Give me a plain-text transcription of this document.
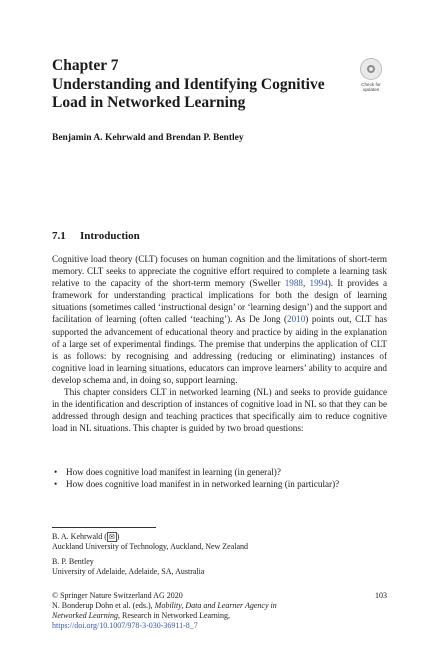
Chapter 7
Understanding and Identifying Cognitive Load in Networked Learning
Check for
updates
Benjamin A. Kehrwald and Brendan P. Bentley
7.1 Introduction

Cognitive load theory (CLT) focuses on human cognition and the limitations of short-term memory. CLT seeks to appreciate the cognitive effort required to complete a learning task relative to the capacity of the short-term memory (Sweller 1988, 1994). It provides a framework for understanding practical implications for both the design of learning situations (sometimes called ‘instructional design’ or ‘learning design’) and the support and facilitation of learning (often called ‘teaching’). As De Jong (2010) points out, CLT has supported the advancement of educational theory and practice by aiding in the explanation of a large set of experimental findings. The premise that underpins the application of CLT is as follows: by recognising and addressing (reducing or eliminating) instances of cognitive load in learning situations, educators can improve learners’ ability to acquire and develop schema and, in doing so, support learning.

This chapter considers CLT in networked learning (NL) and seeks to provide guidance in the identification and description of instances of cognitive load in NL so that they can be addressed through design and teaching practices that specifically aim to reduce cognitive load in NL situations. This chapter is guided by two broad questions:

• How does cognitive load manifest in learning (in general)?
• How does cognitive load manifest in in networked learning (in particular)?
B. A. Kehrwald ( ✉ )
Auckland University of Technology, Auckland, New Zealand
B. P. Bentley
University of Adelaide, Adelaide, SA, Australia
© Springer Nature Switzerland AG 2020
N. Bonderup Dohn et al. (eds.), Mobility, Data and Learner Agency in
Networked Learning, Research in Networked Learning,
https://doi.org/10.1007/978-3-030-36911-8_7
103
